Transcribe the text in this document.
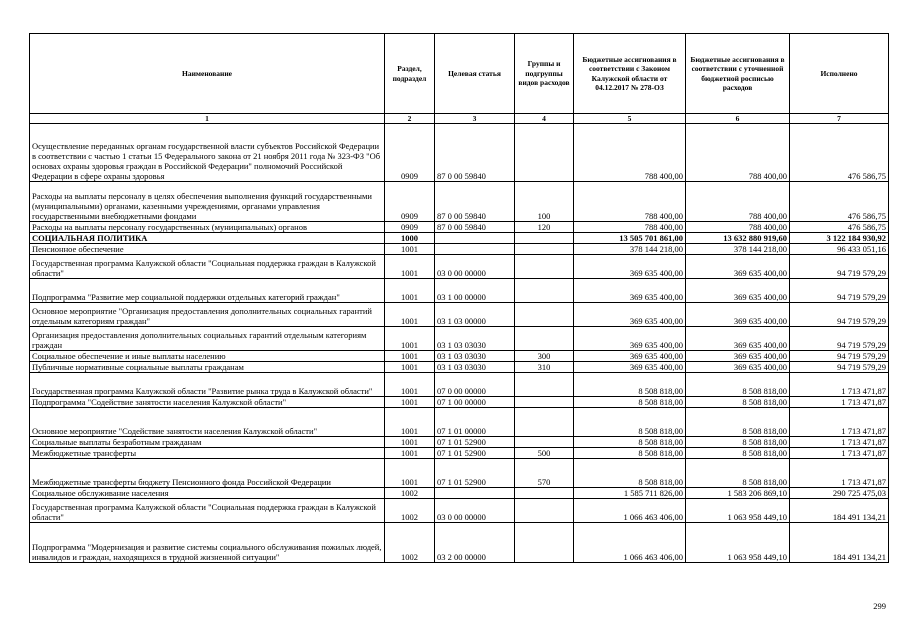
Наименование	Раздел, подраздел	Целевая статья	Группы и подгруппы видов расходов	Бюджетные ассигнования в соответствии с Законом Калужской области от 04.12.2017 № 278-ОЗ	Бюджетные ассигнования в соответствии с уточненной бюджетной росписью расходов	Исполнено
1	2	3	4	5	6	7
Осуществление переданных органам государственной власти субъектов Российской Федерации в соответствии с частью 1 статьи 15 Федерального закона от 21 ноября 2011 года № 323-ФЗ "Об основах охраны здоровья граждан в Российской Федерации" полномочий Российской Федерации в сфере охраны здоровья	0909	87 0 00 59840		788 400,00	788 400,00	476 586,75
Расходы на выплаты персоналу в целях обеспечения выполнения функций государственными (муниципальными) органами, казенными учреждениями, органами управления государственными внебюджетными фондами	0909	87 0 00 59840	100	788 400,00	788 400,00	476 586,75
Расходы на выплаты персоналу государственных (муниципальных) органов	0909	87 0 00 59840	120	788 400,00	788 400,00	476 586,75
СОЦИАЛЬНАЯ ПОЛИТИКА	1000			13 505 701 861,00	13 632 880 919,60	3 122 184 930,92
Пенсионное обеспечение	1001			378 144 218,00	378 144 218,00	96 433 051,16
Государственная программа Калужской области "Социальная поддержка граждан в Калужской области"	1001	03 0 00 00000		369 635 400,00	369 635 400,00	94 719 579,29
Подпрограмма "Развитие мер социальной поддержки отдельных категорий граждан"	1001	03 1 00 00000		369 635 400,00	369 635 400,00	94 719 579,29
Основное мероприятие "Организация предоставления дополнительных социальных гарантий отдельным категориям граждан"	1001	03 1 03 00000		369 635 400,00	369 635 400,00	94 719 579,29
Организация предоставления дополнительных социальных гарантий отдельным категориям граждан	1001	03 1 03 03030		369 635 400,00	369 635 400,00	94 719 579,29
Социальное обеспечение и иные выплаты населению	1001	03 1 03 03030	300	369 635 400,00	369 635 400,00	94 719 579,29
Публичные нормативные социальные выплаты гражданам	1001	03 1 03 03030	310	369 635 400,00	369 635 400,00	94 719 579,29
Государственная программа Калужской области "Развитие рынка труда в Калужской области"	1001	07 0 00 00000		8 508 818,00	8 508 818,00	1 713 471,87
Подпрограмма "Содействие занятости населения Калужской области"	1001	07 1 00 00000		8 508 818,00	8 508 818,00	1 713 471,87
Основное мероприятие "Содействие занятости населения Калужской области"	1001	07 1 01 00000		8 508 818,00	8 508 818,00	1 713 471,87
Социальные выплаты безработным гражданам	1001	07 1 01 52900		8 508 818,00	8 508 818,00	1 713 471,87
Межбюджетные трансферты	1001	07 1 01 52900	500	8 508 818,00	8 508 818,00	1 713 471,87
Межбюджетные трансферты бюджету Пенсионного фонда Российской Федерации	1001	07 1 01 52900	570	8 508 818,00	8 508 818,00	1 713 471,87
Социальное обслуживание населения	1002			1 585 711 826,00	1 583 206 869,10	290 725 475,03
Государственная программа Калужской области "Социальная поддержка граждан в Калужской области"	1002	03 0 00 00000		1 066 463 406,00	1 063 958 449,10	184 491 134,21
Подпрограмма "Модернизация и развитие системы социального обслуживания пожилых людей, инвалидов и граждан, находящихся в трудной жизненной ситуации"	1002	03 2 00 00000		1 066 463 406,00	1 063 958 449,10	184 491 134,21
299
